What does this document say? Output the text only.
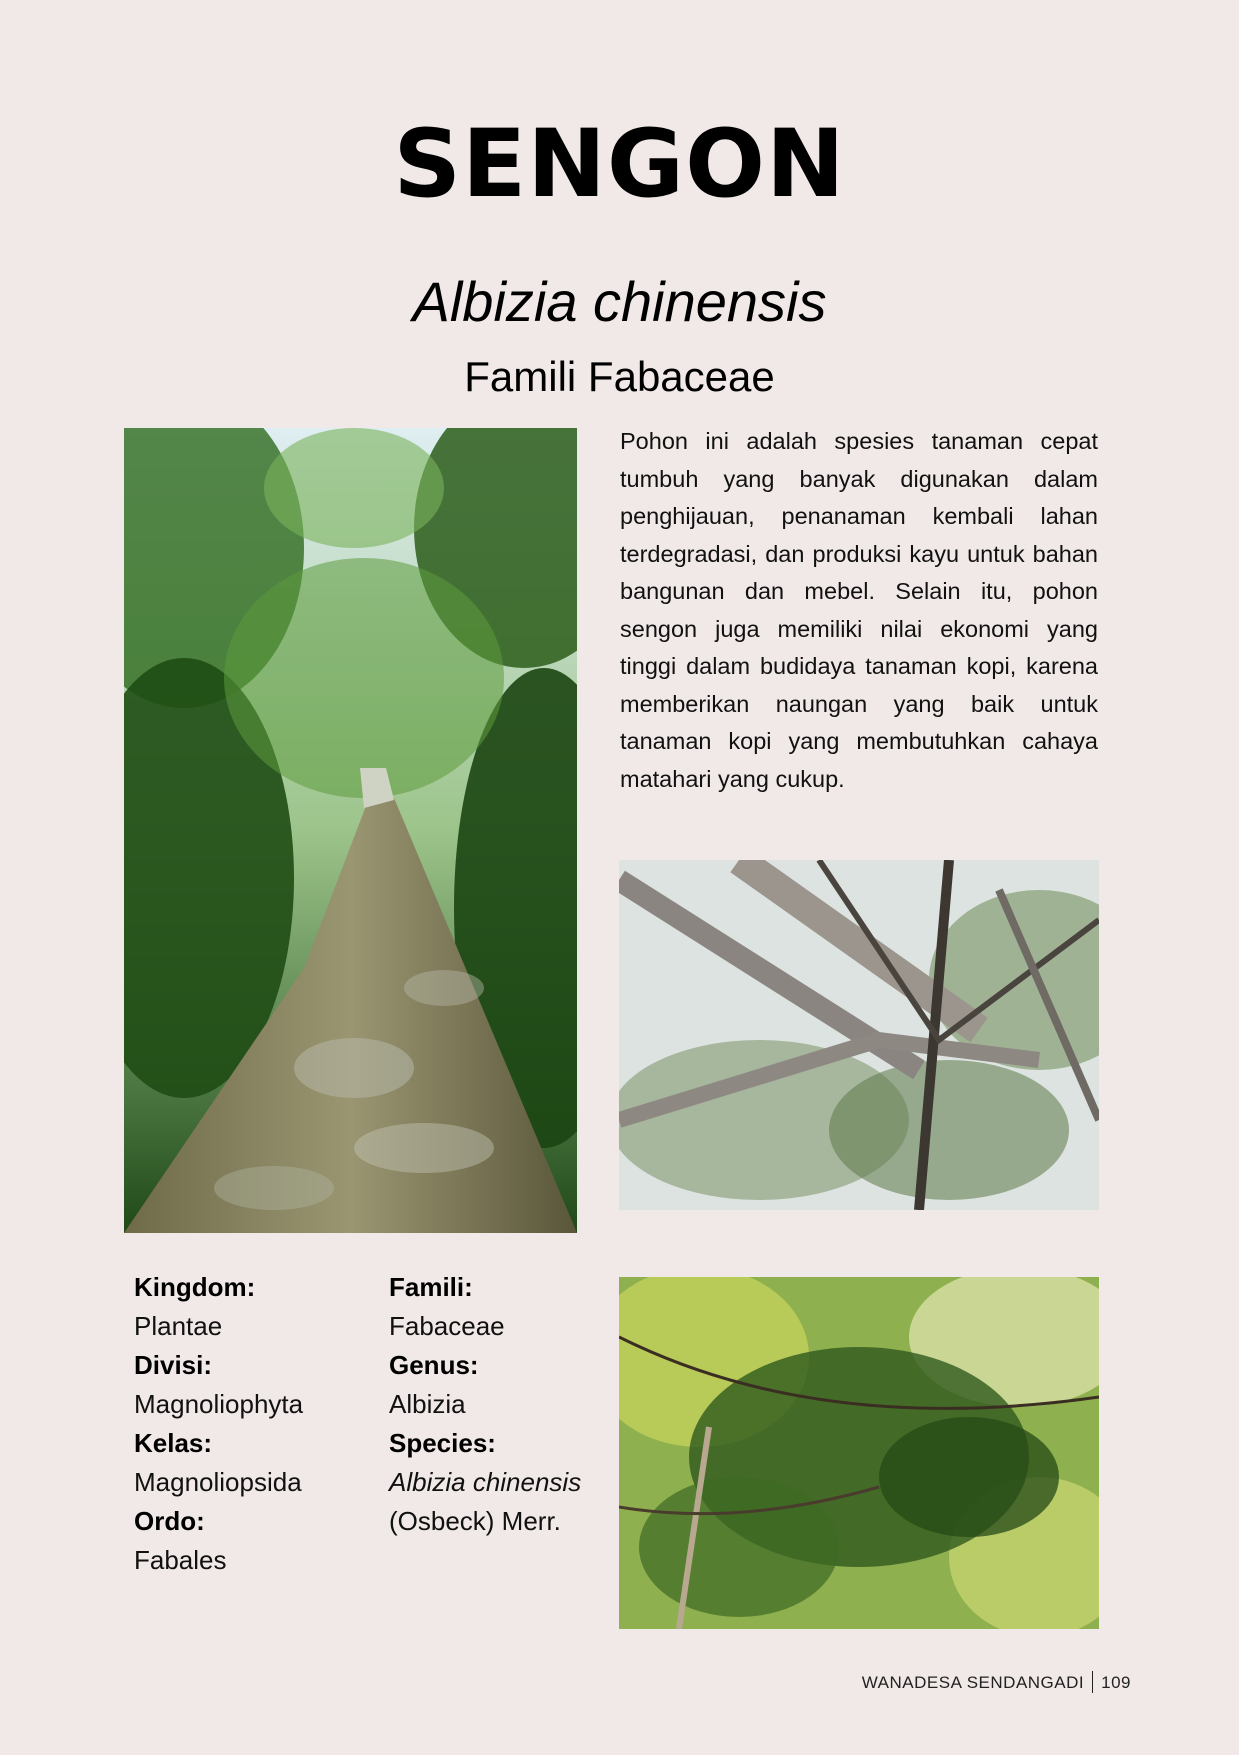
SENGON
Albizia chinensis
Famili Fabaceae

Pohon ini adalah spesies tanaman cepat tumbuh yang banyak digunakan dalam penghijauan, penanaman kembali lahan terdegradasi, dan produksi kayu untuk bahan bangunan dan mebel. Selain itu, pohon sengon juga memiliki nilai ekonomi yang tinggi dalam budidaya tanaman kopi, karena memberikan naungan yang baik untuk tanaman kopi yang membutuhkan cahaya matahari yang cukup.

Kingdom:
Plantae
Divisi:
Magnoliophyta
Kelas:
Magnoliopsida
Ordo:
Fabales
Famili:
Fabaceae
Genus:
Albizia
Species:
Albizia chinensis
(Osbeck) Merr.
WANADESA SENDANGADI 109
